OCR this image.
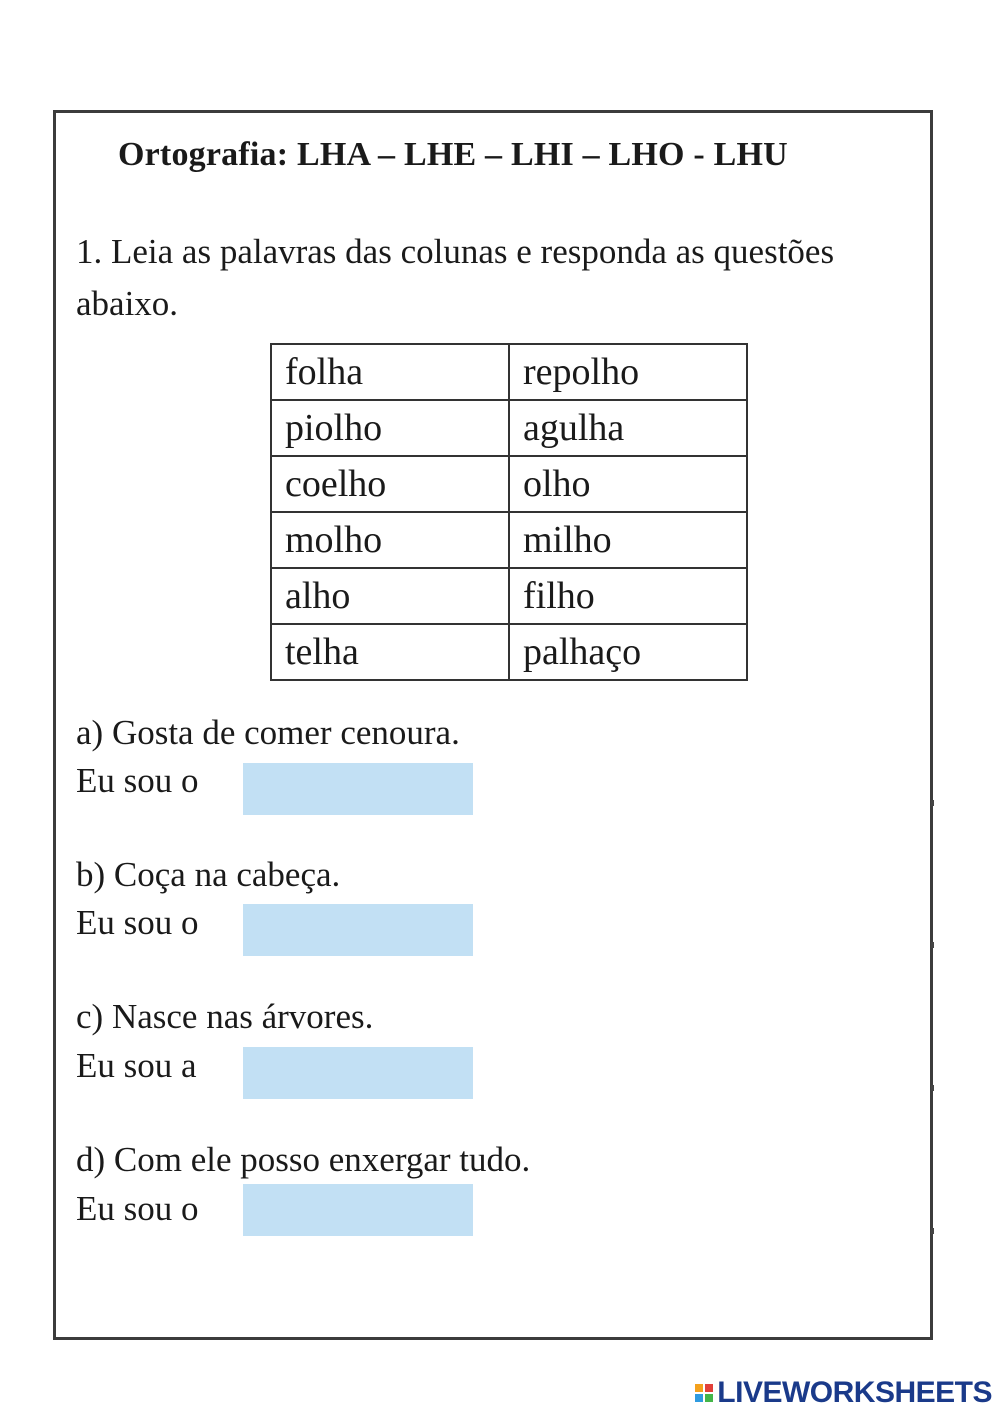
Ortografia: LHA – LHE – LHI – LHO - LHU
1. Leia as palavras das colunas e responda as questões abaixo.
folha	repolho
piolho	agulha
coelho	olho
molho	milho
alho	filho
telha	palhaço
a) Gosta de comer cenoura.
Eu sou o
b) Coça na cabeça.
Eu sou o
c) Nasce nas árvores.
Eu sou a
d) Com ele posso enxergar tudo.
Eu sou o
LIVEWORKSHEETS
